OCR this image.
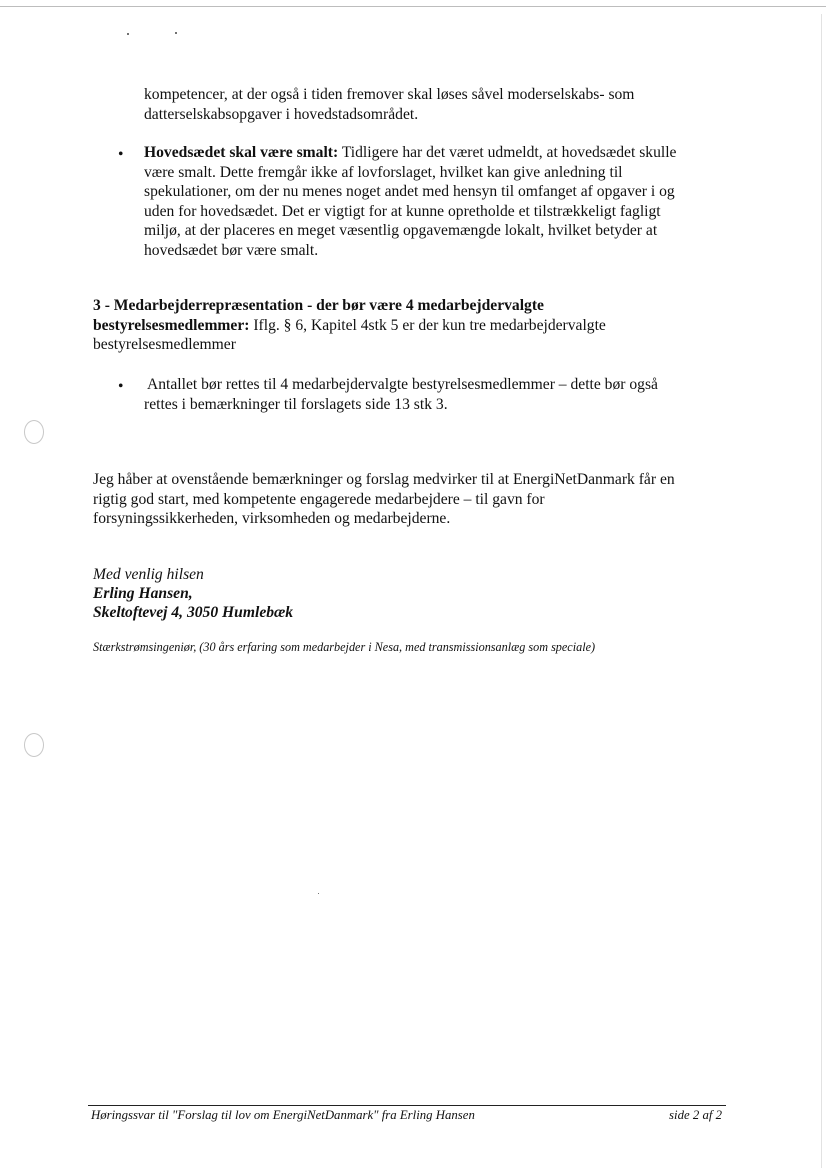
kompetencer, at der også i tiden fremover skal løses såvel moderselskabs- som

datterselskabsopgaver i hovedstadsområdet.

• Hovedsædet skal være smalt: Tidligere har det været udmeldt, at hovedsædet skulle

være smalt. Dette fremgår ikke af lovforslaget, hvilket kan give anledning til

spekulationer, om der nu menes noget andet med hensyn til omfanget af opgaver i og

uden for hovedsædet. Det er vigtigt for at kunne opretholde et tilstrækkeligt fagligt

miljø, at der placeres en meget væsentlig opgavemængde lokalt, hvilket betyder at

hovedsædet bør være smalt.

3 - Medarbejderrepræsentation - der bør være 4 medarbejdervalgte

bestyrelsesmedlemmer: Iflg. § 6, Kapitel 4stk 5 er der kun tre medarbejdervalgte

bestyrelsesmedlemmer

• Antallet bør rettes til 4 medarbejdervalgte bestyrelsesmedlemmer – dette bør også

rettes i bemærkninger til forslagets side 13 stk 3.

Jeg håber at ovenstående bemærkninger og forslag medvirker til at EnergiNetDanmark får en

rigtig god start, med kompetente engagerede medarbejdere – til gavn for

forsyningssikkerheden, virksomheden og medarbejderne.

Med venlig hilsen
Erling Hansen,
Skeltoftevej 4, 3050 Humlebæk
Stærkstrømsingeniør, (30 års erfaring som medarbejder i Nesa, med transmissionsanlæg som speciale)
Høringssvar til "Forslag til lov om EnergiNetDanmark" fra Erling Hansen	side 2 af 2
